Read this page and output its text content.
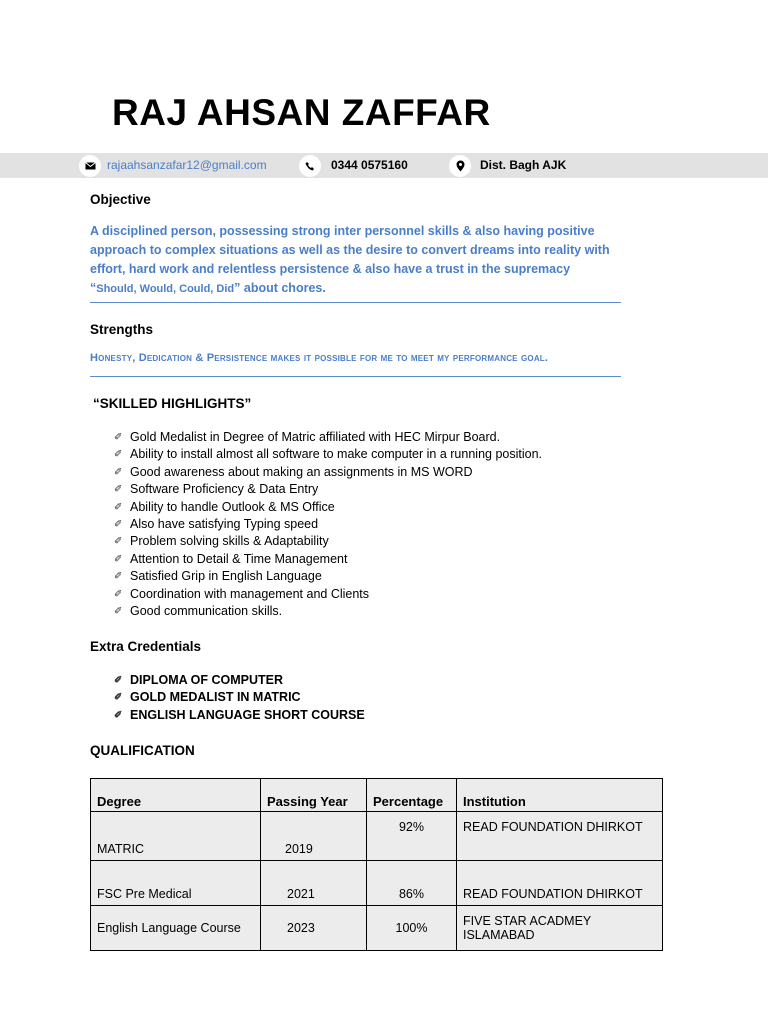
RAJ AHSAN ZAFFAR
rajaahsanzafar12@gmail.com	0344 0575160	Dist. Bagh AJK
Objective
A disciplined person, possessing strong inter personnel skills & also having positive approach to complex situations as well as the desire to convert dreams into reality with effort, hard work and relentless persistence & also have a trust in the supremacy “Should, Would, Could, Did” about chores.
Strengths
Honesty, Dedication & Persistence makes it possible for me to meet my performance goal.
“SKILLED HIGHLIGHTS”
✐ Gold Medalist in Degree of Matric affiliated with HEC Mirpur Board.
✐ Ability to install almost all software to make computer in a running position.
✐ Good awareness about making an assignments in MS WORD
✐ Software Proficiency & Data Entry
✐ Ability to handle Outlook & MS Office
✐ Also have satisfying Typing speed
✐ Problem solving skills & Adaptability
✐ Attention to Detail & Time Management
✐ Satisfied Grip in English Language
✐ Coordination with management and Clients
✐ Good communication skills.
Extra Credentials
✐ DIPLOMA OF COMPUTER
✐ GOLD MEDALIST IN MATRIC
✐ ENGLISH LANGUAGE SHORT COURSE
QUALIFICATION
Degree	Passing Year	Percentage	Institution
MATRIC	2019	92%	READ FOUNDATION DHIRKOT
FSC Pre Medical	2021	86%	READ FOUNDATION DHIRKOT
English Language Course	2023	100%	FIVE STAR ACADMEY ISLAMABAD
